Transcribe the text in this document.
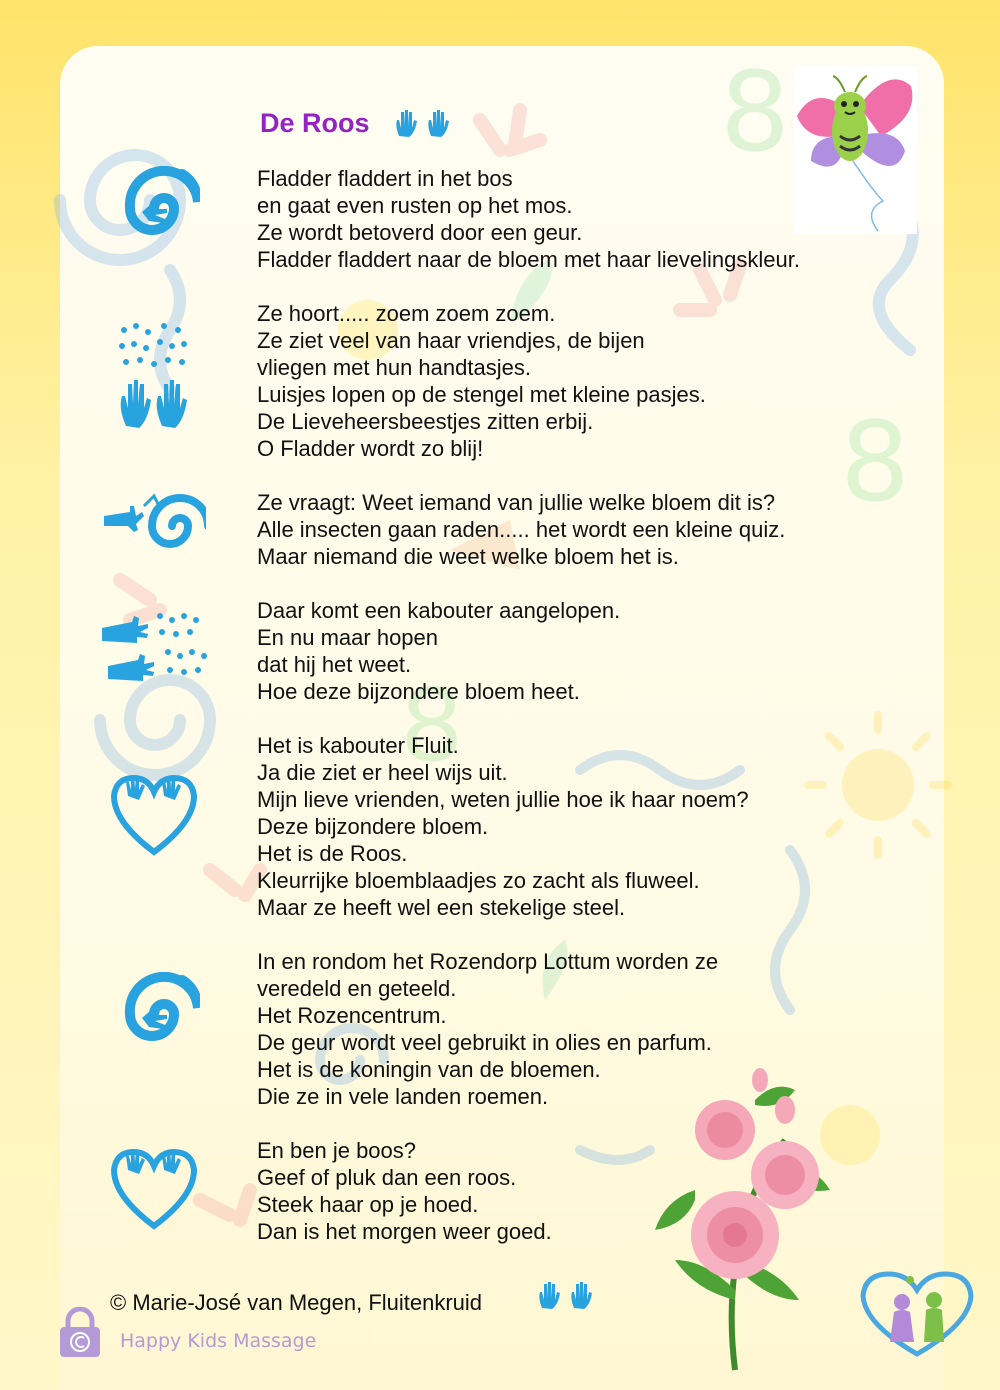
8
8
8
De Roos
Fladder fladdert in het bos
en gaat even rusten op het mos.
Ze wordt betoverd door een geur.
Fladder fladdert naar de bloem met haar lievelingskleur.
Ze hoort..... zoem zoem zoem.
Ze ziet veel van haar vriendjes, de bijen
vliegen met hun handtasjes.
Luisjes lopen op de stengel met kleine pasjes.
De Lieveheersbeestjes zitten erbij.
O Fladder wordt zo blij!
Ze vraagt: Weet iemand van jullie welke bloem dit is?
Alle insecten gaan raden..... het wordt een kleine quiz.
Maar niemand die weet welke bloem het is.
Daar komt een kabouter aangelopen.
En nu maar hopen
dat hij het weet.
Hoe deze bijzondere bloem heet.
Het is kabouter Fluit.
Ja die ziet er heel wijs uit.
Mijn lieve vrienden, weten jullie hoe ik haar noem?
Deze bijzondere bloem.
Het is de Roos.
Kleurrijke bloemblaadjes zo zacht als fluweel.
Maar ze heeft wel een stekelige steel.
In en rondom het Rozendorp Lottum worden ze
veredeld en geteeld.
Het Rozencentrum.
De geur wordt veel gebruikt in olies en parfum.
Het is de koningin van de bloemen.
Die ze in vele landen roemen.
En ben je boos?
Geef of pluk dan een roos.
Steek haar op je hoed.
Dan is het morgen weer goed.
© Marie-José van Megen, Fluitenkruid
Happy Kids Massage
